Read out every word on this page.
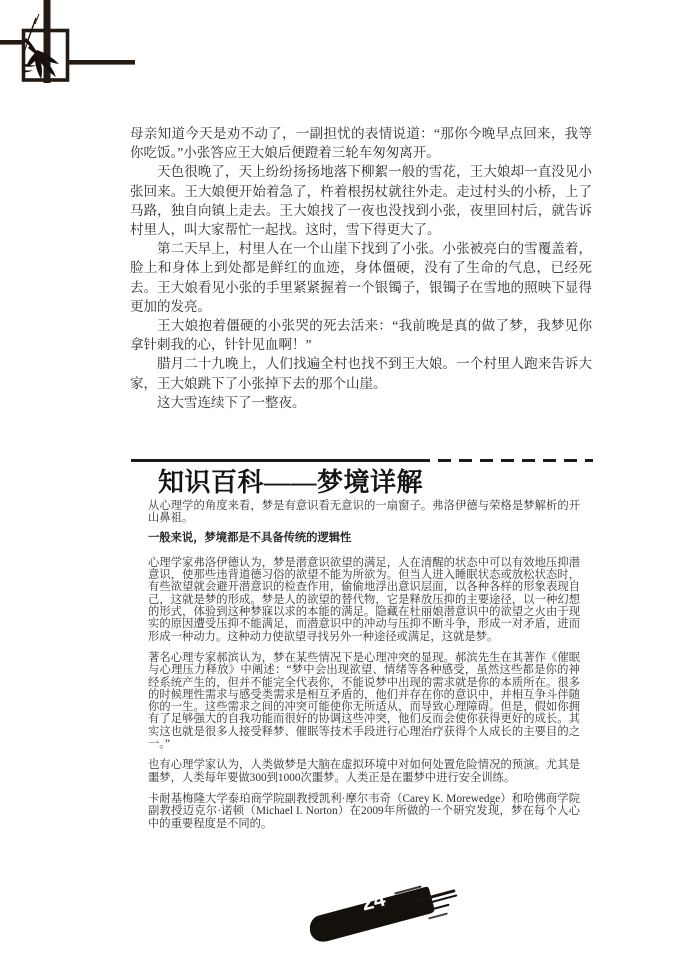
母亲知道今天是劝不动了，一副担忧的表情说道：“那你今晚早点回来，我等你吃饭。”小张答应王大娘后便蹬着三轮车匆匆离开。

天色很晚了，天上纷纷扬扬地落下柳絮一般的雪花，王大娘却一直没见小张回来。王大娘便开始着急了，杵着根拐杖就往外走。走过村头的小桥，上了马路，独自向镇上走去。王大娘找了一夜也没找到小张，夜里回村后，就告诉村里人，叫大家帮忙一起找。这时，雪下得更大了。

第二天早上，村里人在一个山崖下找到了小张。小张被亮白的雪覆盖着，脸上和身体上到处都是鲜红的血迹，身体僵硬，没有了生命的气息，已经死去。王大娘看见小张的手里紧紧握着一个银镯子，银镯子在雪地的照映下显得更加的发亮。

王大娘抱着僵硬的小张哭的死去活来：“我前晚是真的做了梦，我梦见你拿针刺我的心，针针见血啊！”

腊月二十九晚上，人们找遍全村也找不到王大娘。一个村里人跑来告诉大家，王大娘跳下了小张掉下去的那个山崖。

这大雪连续下了一整夜。

知识百科——梦境详解

从心理学的角度来看，梦是有意识看无意识的一扇窗子。弗洛伊德与荣格是梦解析的开山鼻祖。

一般来说，梦境都是不具备传统的逻辑性

心理学家弗洛伊德认为，梦是潜意识欲望的满足，人在清醒的状态中可以有效地压抑潜意识，使那些违背道德习俗的欲望不能为所欲为。但当人进入睡眠状态或放松状态时，有些欲望就会避开潜意识的检查作用，偷偷地浮出意识层面，以各种各样的形象表现自己，这就是梦的形成。梦是人的欲望的替代物，它是释放压抑的主要途径，以一种幻想的形式，体验到这种梦寐以求的本能的满足。隐藏在杜丽娘潜意识中的欲望之火由于现实的原因遭受压抑不能满足，而潜意识中的冲动与压抑不断斗争，形成一对矛盾，进而形成一种动力。这种动力使欲望寻找另外一种途径或满足，这就是梦。

著名心理专家郝滨认为，梦在某些情况下是心理冲突的显现。郝滨先生在其著作《催眠与心理压力释放》中阐述：“梦中会出现欲望、情绪等各种感受，虽然这些都是你的神经系统产生的，但并不能完全代表你，不能说梦中出现的需求就是你的本质所在。很多的时候理性需求与感受类需求是相互矛盾的，他们并存在你的意识中，并相互争斗伴随你的一生。这些需求之间的冲突可能使你无所适从，而导致心理障碍。但是，假如你拥有了足够强大的自我功能而很好的协调这些冲突，他们反而会使你获得更好的成长。其实这也就是很多人接受释梦、催眠等技术手段进行心理治疗获得个人成长的主要目的之一。”

也有心理学家认为，人类做梦是大脑在虚拟环境中对如何处置危险情况的预演。尤其是噩梦，人类每年要做300到1000次噩梦。人类正是在噩梦中进行安全训练。

卡耐基梅隆大学泰珀商学院副教授凯利·摩尔韦奇（Carey K. Morewedge）和哈佛商学院副教授迈克尔·诺顿（Michael I. Norton）在2009年所做的一个研究发现，梦在每个人心中的重要程度是不同的。

24
